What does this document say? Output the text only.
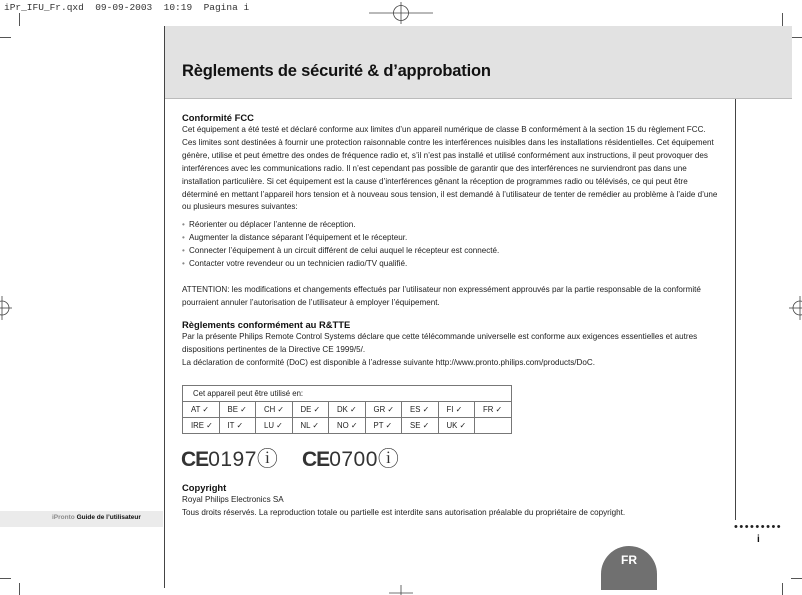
iPr_IFU_Fr.qxd 09-09-2003 10:19 Pagina i
Règlements de sécurité & d’approbation
Conformité FCC

Cet équipement a été testé et déclaré conforme aux limites d’un appareil numérique de classe B conformément à la section 15 du règlement FCC. Ces limites sont destinées à fournir une protection raisonnable contre les interférences nuisibles dans les installations résidentielles. Cet équipement génère, utilise et peut émettre des ondes de fréquence radio et, s’il n’est pas installé et utilisé conformément aux instructions, il peut provoquer des interférences avec les communications radio. Il n’est cependant pas possible de garantir que des interférences ne surviendront pas dans une installation particulière. Si cet équipement est la cause d’interférences gênant la réception de programmes radio ou télévisés, ce qui peut être déterminé en mettant l’appareil hors tension et à nouveau sous tension, il est demandé à l’utilisateur de tenter de remédier au problème à l’aide d’une ou plusieurs mesures suivantes:

• Réorienter ou déplacer l’antenne de réception.
• Augmenter la distance séparant l’équipement et le récepteur.
• Connecter l’équipement à un circuit différent de celui auquel le récepteur est connecté.
• Contacter votre revendeur ou un technicien radio/TV qualifié.

ATTENTION: les modifications et changements effectués par l’utilisateur non expressément approuvés par la partie responsable de la conformité pourraient annuler l’autorisation de l’utilisateur à employer l’équipement.

Règlements conformément au R&TTE

Par la présente Philips Remote Control Systems déclare que cette télécommande universelle est conforme aux exigences essentielles et autres dispositions pertinentes de la Directive CE 1999/5/.

La déclaration de conformité (DoC) est disponible à l’adresse suivante http://www.pronto.philips.com/products/DoC.

Cet appareil peut être utilisé en:								
AT ✓	BE ✓	CH ✓	DE ✓	DK ✓	GR ✓	ES ✓	FI ✓	FR ✓
IRE ✓	IT ✓	LU ✓	NL ✓	NO ✓	PT ✓	SE ✓	UK ✓	
CE0197ⓘ CE0700ⓘ
Copyright

Royal Philips Electronics SA

Tous droits réservés. La reproduction totale ou partielle est interdite sans autorisation préalable du propriétaire de copyright.

iPronto Guide de l’utilisateur
•••••••••
i
FR
